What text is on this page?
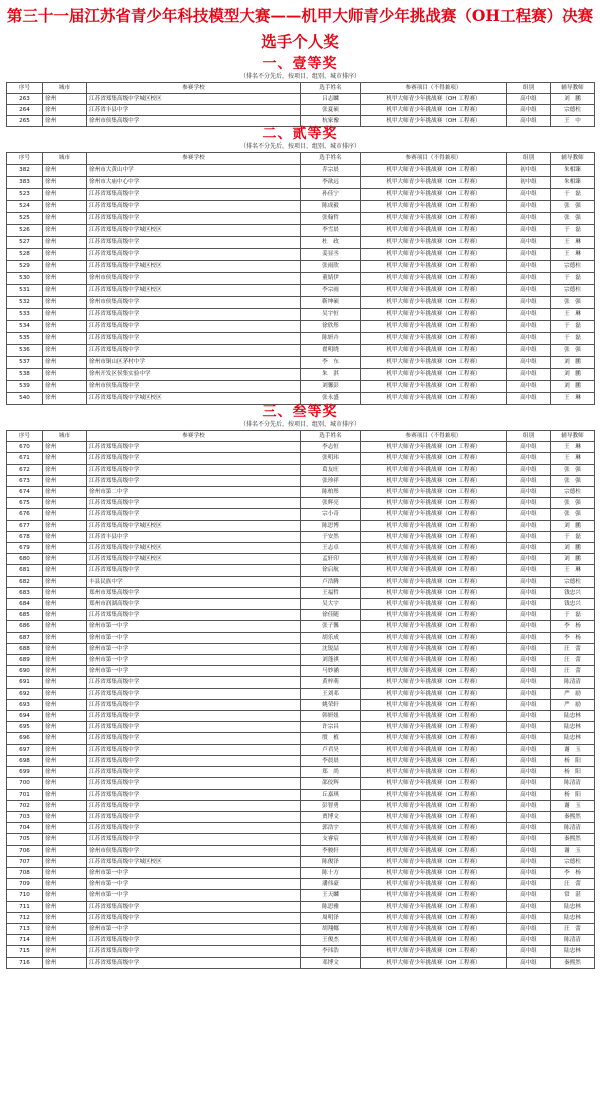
第三十一届江苏省青少年科技模型大赛——机甲大师青少年挑战赛（OH工程赛）决赛选手个人奖
一、壹等奖
（排名不分先后，按项目、组别、城市排序）
序号	城市	参赛学校	选手姓名	参赛项目（不得兼项）	组别	辅导教师
263	徐州	江苏省郑集高级中学城区校区	吕志麟	机甲大师青少年挑战赛（OH 工程赛）	高中组	刘　鹏
264	徐州	江苏省丰县中学	张夏硕	机甲大师青少年挑战赛（OH 工程赛）	高中组	宗德柱
265	徐州	徐州市侯集高级中学	杭家豫	机甲大师青少年挑战赛（OH 工程赛）	高中组	王　中
二、贰等奖
（排名不分先后，按项目、组别、城市排序）
序号	城市	参赛学校	选手姓名	参赛项目（不得兼项）	组别	辅导教师
382	徐州	徐州市大黄山中学	乔宗晨	机甲大师青少年挑战赛（OH 工程赛）	初中组	朱相臻
383	徐州	徐州市大庙中心中学	李歆远	机甲大师青少年挑战赛（OH 工程赛）	初中组	朱相臻
523	徐州	江苏省郑集高级中学	孙佳宁	机甲大师青少年挑战赛（OH 工程赛）	高中组	于　磊
524	徐州	江苏省郑集高级中学	陈成毅	机甲大师青少年挑战赛（OH 工程赛）	高中组	张　强
525	徐州	江苏省郑集高级中学	张翰哲	机甲大师青少年挑战赛（OH 工程赛）	高中组	张　强
526	徐州	江苏省郑集高级中学城区校区	李雪晨	机甲大师青少年挑战赛（OH 工程赛）	高中组	于　磊
527	徐州	江苏省郑集高级中学	杜　政	机甲大师青少年挑战赛（OH 工程赛）	高中组	王　琳
528	徐州	江苏省郑集高级中学	姜显丞	机甲大师青少年挑战赛（OH 工程赛）	高中组	王　琳
529	徐州	江苏省郑集高级中学城区校区	张雨欣	机甲大师青少年挑战赛（OH 工程赛）	高中组	宗德柱
530	徐州	徐州市侯集高级中学	董婧伊	机甲大师青少年挑战赛（OH 工程赛）	高中组	于　磊
531	徐州	江苏省郑集高级中学城区校区	李宗雨	机甲大师青少年挑战赛（OH 工程赛）	高中组	宗德柱
532	徐州	徐州市侯集高级中学	靳坤硕	机甲大师青少年挑战赛（OH 工程赛）	高中组	张　强
533	徐州	江苏省郑集高级中学	吴宇恒	机甲大师青少年挑战赛（OH 工程赛）	高中组	王　琳
534	徐州	江苏省郑集高级中学	徐欣彤	机甲大师青少年挑战赛（OH 工程赛）	高中组	于　磊
535	徐州	江苏省郑集高级中学	陈妍卉	机甲大师青少年挑战赛（OH 工程赛）	高中组	于　磊
536	徐州	江苏省郑集高级中学	翟明晓	机甲大师青少年挑战赛（OH 工程赛）	高中组	张　强
537	徐州	徐州市铜山区茅村中学	李　东	机甲大师青少年挑战赛（OH 工程赛）	高中组	刘　鹏
538	徐州	徐州开发区侯集实验中学	朱　淇	机甲大师青少年挑战赛（OH 工程赛）	高中组	刘　鹏
539	徐州	徐州市侯集高级中学	刘馨彭	机甲大师青少年挑战赛（OH 工程赛）	高中组	刘　鹏
540	徐州	江苏省郑集高级中学城区校区	张永盛	机甲大师青少年挑战赛（OH 工程赛）	高中组	王　琳
三、叁等奖
（排名不分先后，按项目、组别、城市排序）
序号	城市	参赛学校	选手姓名	参赛项目（不得兼项）	组别	辅导教师
670	徐州	江苏省郑集高级中学	李志恒	机甲大师青少年挑战赛（OH 工程赛）	高中组	王　琳
671	徐州	江苏省郑集高级中学	张明玮	机甲大师青少年挑战赛（OH 工程赛）	高中组	王　琳
672	徐州	江苏省郑集高级中学	葛友旺	机甲大师青少年挑战赛（OH 工程赛）	高中组	张　强
673	徐州	江苏省郑集高级中学	张珍祥	机甲大师青少年挑战赛（OH 工程赛）	高中组	张　强
674	徐州	徐州市第二中学	陈柏彤	机甲大师青少年挑战赛（OH 工程赛）	高中组	宗德柱
675	徐州	江苏省郑集高级中学	张辉亮	机甲大师青少年挑战赛（OH 工程赛）	高中组	张　强
676	徐州	江苏省郑集高级中学	宗小奇	机甲大师青少年挑战赛（OH 工程赛）	高中组	张　强
677	徐州	江苏省郑集高级中学城区校区	陈思博	机甲大师青少年挑战赛（OH 工程赛）	高中组	刘　鹏
678	徐州	江苏省丰县中学	于安然	机甲大师青少年挑战赛（OH 工程赛）	高中组	于　磊
679	徐州	江苏省郑集高级中学城区校区	王志卓	机甲大师青少年挑战赛（OH 工程赛）	高中组	刘　鹏
680	徐州	江苏省郑集高级中学城区校区	孟轩印	机甲大师青少年挑战赛（OH 工程赛）	高中组	刘　鹏
681	徐州	江苏省郑集高级中学	徐启航	机甲大师青少年挑战赛（OH 工程赛）	高中组	王　琳
682	徐州	丰县民族中学	卢浩腾	机甲大师青少年挑战赛（OH 工程赛）	高中组	宗德柱
683	徐州	郑州市郑集高级中学	王福哲	机甲大师青少年挑战赛（OH 工程赛）	高中组	钱忠兴
684	徐州	郑州市润湖高级中学	吴大宇	机甲大师青少年挑战赛（OH 工程赛）	高中组	钱忠兴
685	徐州	江苏省郑集高级中学	徐佳随	机甲大师青少年挑战赛（OH 工程赛）	高中组	于　磊
686	徐州	徐州市第一中学	张子馨	机甲大师青少年挑战赛（OH 工程赛）	高中组	李　杨
687	徐州	徐州市第一中学	胡乐成	机甲大师青少年挑战赛（OH 工程赛）	高中组	李　杨
688	徐州	徐州市第一中学	沈锐喆	机甲大师青少年挑战赛（OH 工程赛）	高中组	汪　蕾
689	徐州	徐州市第一中学	刘蓬祺	机甲大师青少年挑战赛（OH 工程赛）	高中组	汪　蕾
690	徐州	徐州市第一中学	马妙涵	机甲大师青少年挑战赛（OH 工程赛）	高中组	汪　蕾
691	徐州	江苏省郑集高级中学	黄梓萌	机甲大师青少年挑战赛（OH 工程赛）	高中组	陈清清
692	徐州	江苏省郑集高级中学	王刘邓	机甲大师青少年挑战赛（OH 工程赛）	高中组	严　励
693	徐州	江苏省郑集高级中学	姚荣轩	机甲大师青少年挑战赛（OH 工程赛）	高中组	严　励
694	徐州	江苏省郑集高级中学	韩妍妞	机甲大师青少年挑战赛（OH 工程赛）	高中组	陆忠林
695	徐州	江苏省郑集高级中学	许宗昌	机甲大师青少年挑战赛（OH 工程赛）	高中组	陆忠林
696	徐州	江苏省郑集高级中学	殷　植	机甲大师青少年挑战赛（OH 工程赛）	高中组	陆忠林
697	徐州	江苏省郑集高级中学	卢君昊	机甲大师青少年挑战赛（OH 工程赛）	高中组	谢　玉
698	徐州	江苏省郑集高级中学	李晨晨	机甲大师青少年挑战赛（OH 工程赛）	高中组	杨　阳
699	徐州	江苏省郑集高级中学	郑　尚	机甲大师青少年挑战赛（OH 工程赛）	高中组	杨　阳
700	徐州	江苏省郑集高级中学	邵佼辉	机甲大师青少年挑战赛（OH 工程赛）	高中组	陈清清
701	徐州	江苏省郑集高级中学	丘嘉琪	机甲大师青少年挑战赛（OH 工程赛）	高中组	杨　阳
702	徐州	江苏省郑集高级中学	彭智勇	机甲大师青少年挑战赛（OH 工程赛）	高中组	谢　玉
703	徐州	江苏省郑集高级中学	贾博文	机甲大师青少年挑战赛（OH 工程赛）	高中组	秦熙然
704	徐州	江苏省郑集高级中学	郭浩宇	机甲大师青少年挑战赛（OH 工程赛）	高中组	陈清清
705	徐州	江苏省郑集高级中学	支睿宸	机甲大师青少年挑战赛（OH 工程赛）	高中组	秦熙然
706	徐州	徐州市侯集高级中学	李骏轩	机甲大师青少年挑战赛（OH 工程赛）	高中组	谢　玉
707	徐州	江苏省郑集高级中学城区校区	陈俊泽	机甲大师青少年挑战赛（OH 工程赛）	高中组	宗德柱
708	徐州	徐州市第一中学	陈十方	机甲大师青少年挑战赛（OH 工程赛）	高中组	李　杨
709	徐州	徐州市第一中学	潘伟豪	机甲大师青少年挑战赛（OH 工程赛）	高中组	汪　蕾
710	徐州	徐州市第一中学	王天麟	机甲大师青少年挑战赛（OH 工程赛）	高中组	常　湛
711	徐州	江苏省郑集高级中学	陈思雅	机甲大师青少年挑战赛（OH 工程赛）	高中组	陆忠林
712	徐州	江苏省郑集高级中学	周明泽	机甲大师青少年挑战赛（OH 工程赛）	高中组	陆忠林
713	徐州	徐州市第一中学	胡翔娜	机甲大师青少年挑战赛（OH 工程赛）	高中组	汪　蕾
714	徐州	江苏省郑集高级中学	王俊杰	机甲大师青少年挑战赛（OH 工程赛）	高中组	陈清清
715	徐州	江苏省郑集高级中学	李玮浩	机甲大师青少年挑战赛（OH 工程赛）	高中组	陆忠林
716	徐州	江苏省郑集高级中学	邓博文	机甲大师青少年挑战赛（OH 工程赛）	高中组	秦熙然
